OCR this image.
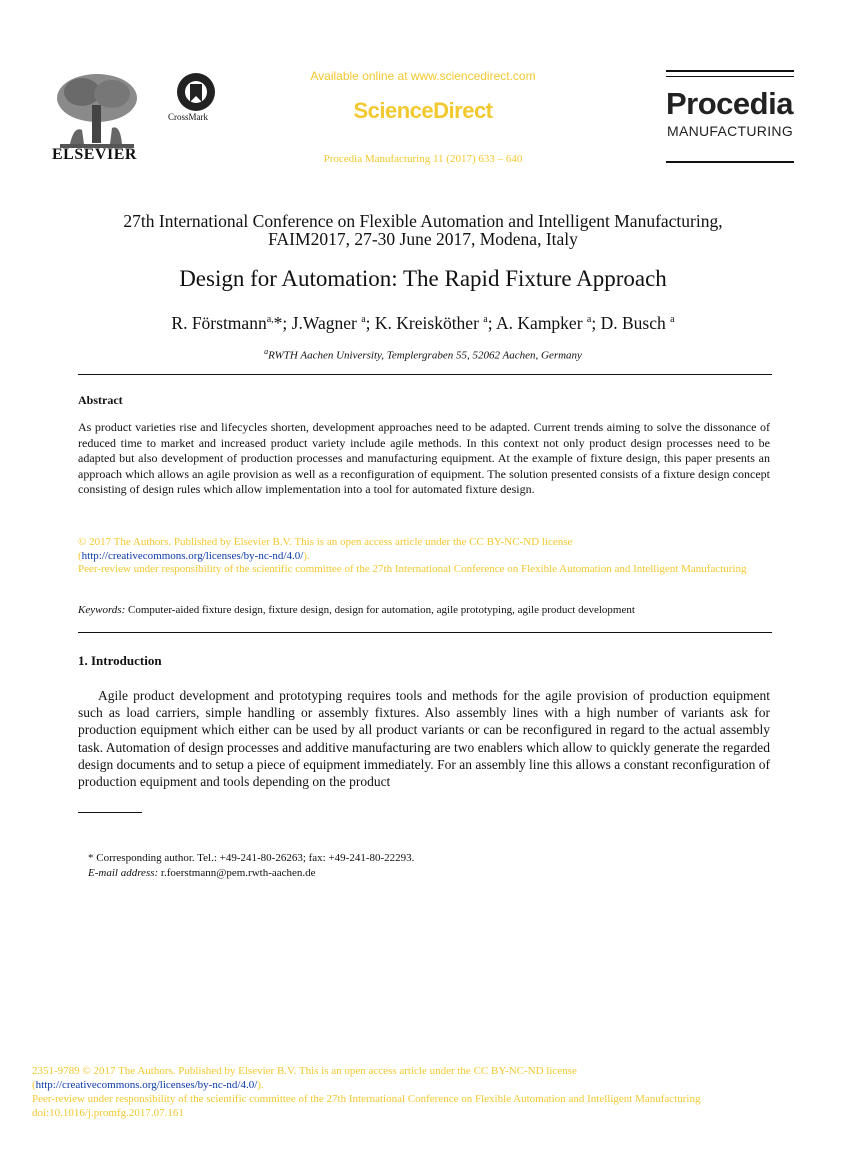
ELSEVIER
CrossMark
Available online at www.sciencedirect.com
ScienceDirect
Procedia Manufacturing 11 (2017) 633 – 640
Procedia
MANUFACTURING
27th International Conference on Flexible Automation and Intelligent Manufacturing,
FAIM2017, 27-30 June 2017, Modena, Italy
Design for Automation: The Rapid Fixture Approach
R. Förstmann$^{a,}$*; J.Wagner $^a$; K. Kreisköther $^a$; A. Kampker $^a$; D. Busch $^a$
$^a$RWTH Aachen University, Templergraben 55, 52062 Aachen, Germany
Abstract
As product varieties rise and lifecycles shorten, development approaches need to be adapted. Current trends aiming to solve the dissonance of reduced time to market and increased product variety include agile methods. In this context not only product design processes need to be adapted but also development of production processes and manufacturing equipment. At the example of fixture design, this paper presents an approach which allows an agile provision as well as a reconfiguration of equipment. The solution presented consists of a fixture design concept consisting of design rules which allow implementation into a tool for automated fixture design.
© 2017 The Authors. Published by Elsevier B.V. This is an open access article under the CC BY-NC-ND license
(http://creativecommons.org/licenses/by-nc-nd/4.0/).
Peer-review under responsibility of the scientific committee of the 27th International Conference on Flexible Automation and Intelligent Manufacturing
Keywords: Computer-aided fixture design, fixture design, design for automation, agile prototyping, agile product development
1. Introduction
Agile product development and prototyping requires tools and methods for the agile provision of production equipment such as load carriers, simple handling or assembly fixtures. Also assembly lines with a high number of variants ask for production equipment which either can be used by all product variants or can be reconfigured in regard to the actual assembly task. Automation of design processes and additive manufacturing are two enablers which allow to quickly generate the regarded design documents and to setup a piece of equipment immediately. For an assembly line this allows a constant reconfiguration of production equipment and tools depending on the product
* Corresponding author. Tel.: +49-241-80-26263; fax: +49-241-80-22293.
E-mail address: r.foerstmann@pem.rwth-aachen.de
2351-9789 © 2017 The Authors. Published by Elsevier B.V. This is an open access article under the CC BY-NC-ND license
(http://creativecommons.org/licenses/by-nc-nd/4.0/).
Peer-review under responsibility of the scientific committee of the 27th International Conference on Flexible Automation and Intelligent Manufacturing
doi:10.1016/j.promfg.2017.07.161
